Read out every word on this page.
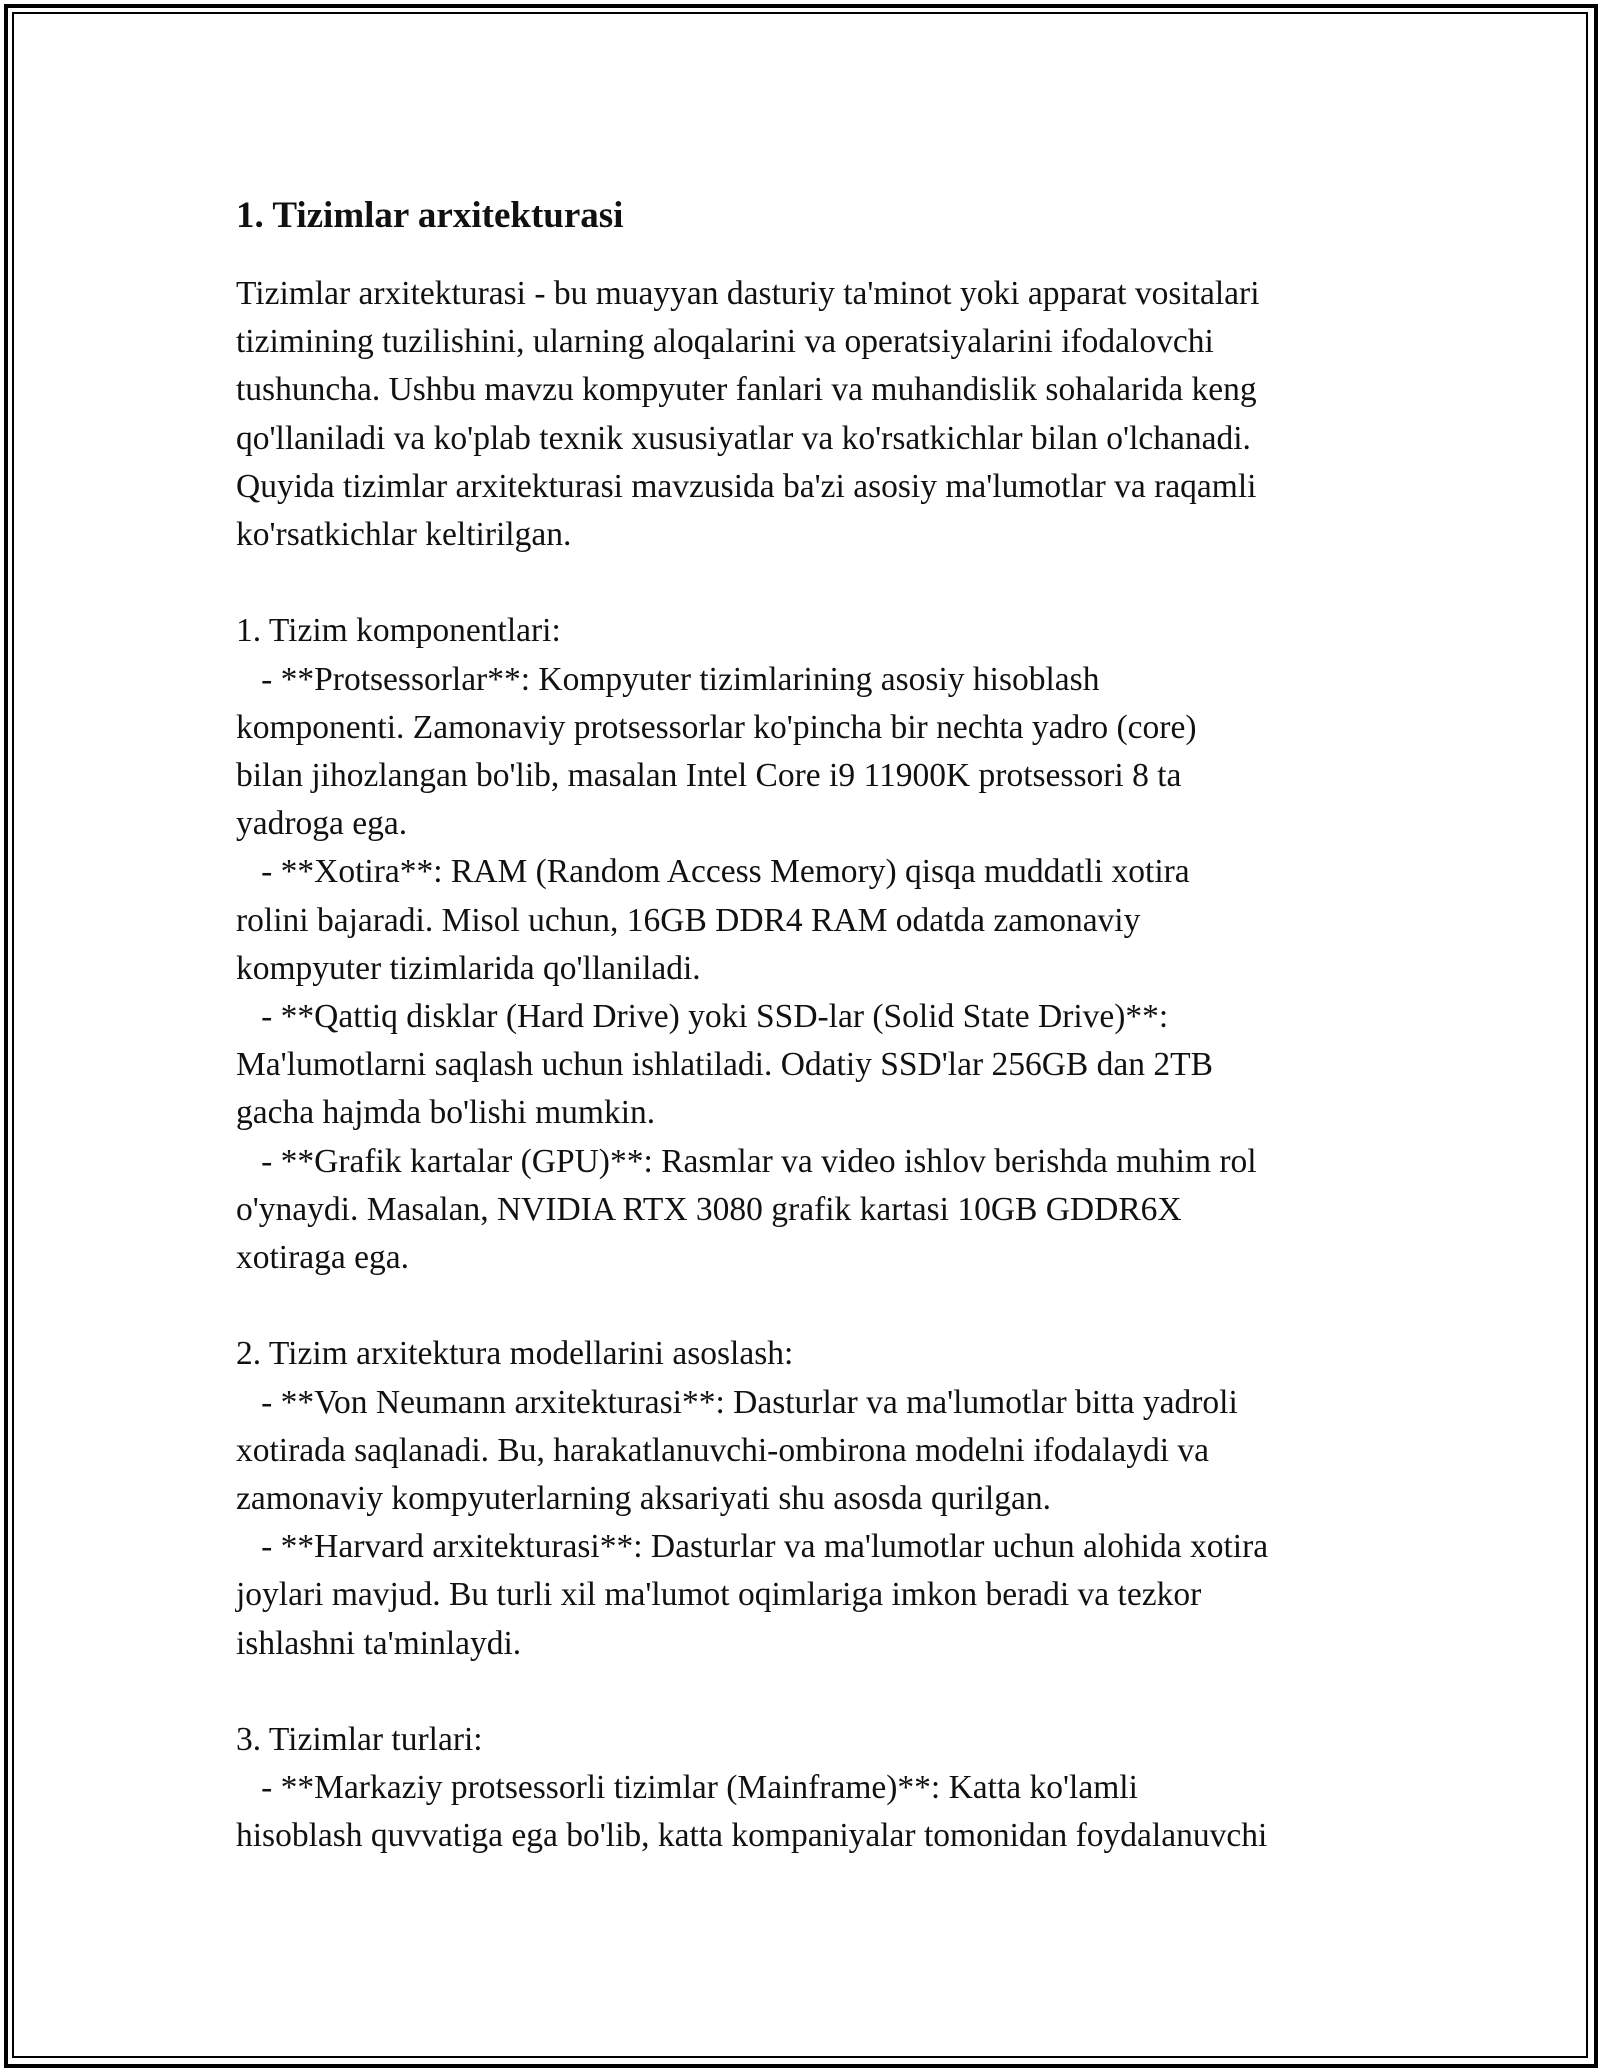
1. Tizimlar arxitekturasi
Tizimlar arxitekturasi - bu muayyan dasturiy ta'minot yoki apparat vositalari
tizimining tuzilishini, ularning aloqalarini va operatsiyalarini ifodalovchi
tushuncha. Ushbu mavzu kompyuter fanlari va muhandislik sohalarida keng
qo'llaniladi va ko'plab texnik xususiyatlar va ko'rsatkichlar bilan o'lchanadi.
Quyida tizimlar arxitekturasi mavzusida ba'zi asosiy ma'lumotlar va raqamli
ko'rsatkichlar keltirilgan.
1. Tizim komponentlari:
- **Protsessorlar**: Kompyuter tizimlarining asosiy hisoblash
komponenti. Zamonaviy protsessorlar ko'pincha bir nechta yadro (core)
bilan jihozlangan bo'lib, masalan Intel Core i9 11900K protsessori 8 ta
yadroga ega.
- **Xotira**: RAM (Random Access Memory) qisqa muddatli xotira
rolini bajaradi. Misol uchun, 16GB DDR4 RAM odatda zamonaviy
kompyuter tizimlarida qo'llaniladi.
- **Qattiq disklar (Hard Drive) yoki SSD-lar (Solid State Drive)**:
Ma'lumotlarni saqlash uchun ishlatiladi. Odatiy SSD'lar 256GB dan 2TB
gacha hajmda bo'lishi mumkin.
- **Grafik kartalar (GPU)**: Rasmlar va video ishlov berishda muhim rol
o'ynaydi. Masalan, NVIDIA RTX 3080 grafik kartasi 10GB GDDR6X
xotiraga ega.
2. Tizim arxitektura modellarini asoslash:
- **Von Neumann arxitekturasi**: Dasturlar va ma'lumotlar bitta yadroli
xotirada saqlanadi. Bu, harakatlanuvchi-ombirona modelni ifodalaydi va
zamonaviy kompyuterlarning aksariyati shu asosda qurilgan.
- **Harvard arxitekturasi**: Dasturlar va ma'lumotlar uchun alohida xotira
joylari mavjud. Bu turli xil ma'lumot oqimlariga imkon beradi va tezkor
ishlashni ta'minlaydi.
3. Tizimlar turlari:
- **Markaziy protsessorli tizimlar (Mainframe)**: Katta ko'lamli
hisoblash quvvatiga ega bo'lib, katta kompaniyalar tomonidan foydalanuvchi
